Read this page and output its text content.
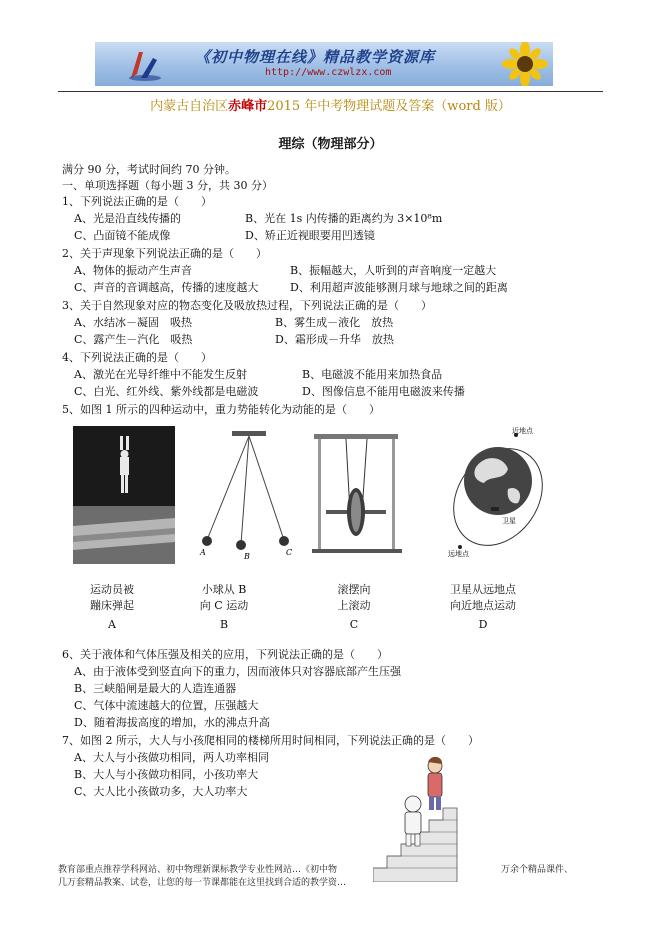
《初中物理在线》精品教学资源库
http://www.czwlzx.com
内蒙古自治区赤峰市2015 年中考物理试题及答案（word 版）
理综（物理部分）
满分 90 分，考试时间约 70 分钟。
一、单项选择题（每小题 3 分，共 30 分）
1、下列说法正确的是（　　）
A、光是沿直线传播的	B、光在 1s 内传播的距离约为 3×10⁸m
C、凸面镜不能成像	D、矫正近视眼要用凹透镜
2、关于声现象下列说法正确的是（　　）
A、物体的振动产生声音	B、振幅越大，人听到的声音响度一定越大
C、声音的音调越高，传播的速度越大	D、利用超声波能够测月球与地球之间的距离
3、关于自然现象对应的物态变化及吸放热过程，下列说法正确的是（　　）
A、水结冰－凝固　吸热	B、雾生成－液化　放热
C、露产生－汽化　吸热	D、霜形成－升华　放热
4、下列说法正确的是（　　）
A、激光在光导纤维中不能发生反射	B、电磁波不能用来加热食品
C、白光、红外线、紫外线都是电磁波	D、图像信息不能用电磁波来传播
5、如图 1 所示的四种运动中，重力势能转化为动能的是（　　）
A	B	C
近地点
远地点
卫星
运动员被
蹦床弹起
A
小球从 B
向 C 运动
B
滚摆向
上滚动
C
卫星从远地点
向近地点运动
D
6、关于液体和气体压强及相关的应用，下列说法正确的是（　　）
A、由于液体受到竖直向下的重力，因而液体只对容器底部产生压强
B、三峡船闸是最大的人造连通器
C、气体中流速越大的位置，压强越大
D、随着海拔高度的增加，水的沸点升高
7、如图 2 所示，大人与小孩爬相同的楼梯所用时间相同，下列说法正确的是（　　）
A、大人与小孩做功相同，两人功率相同
B、大人与小孩做功相同，小孩功率大
C、大人比小孩做功多，大人功率大
教育部重点推荐学科网站、初中物理新课标教学专业性网站…《初中物	万余个精品课件、
几万套精品教案、试卷，让您的每一节课都能在这里找到合适的教学资…
